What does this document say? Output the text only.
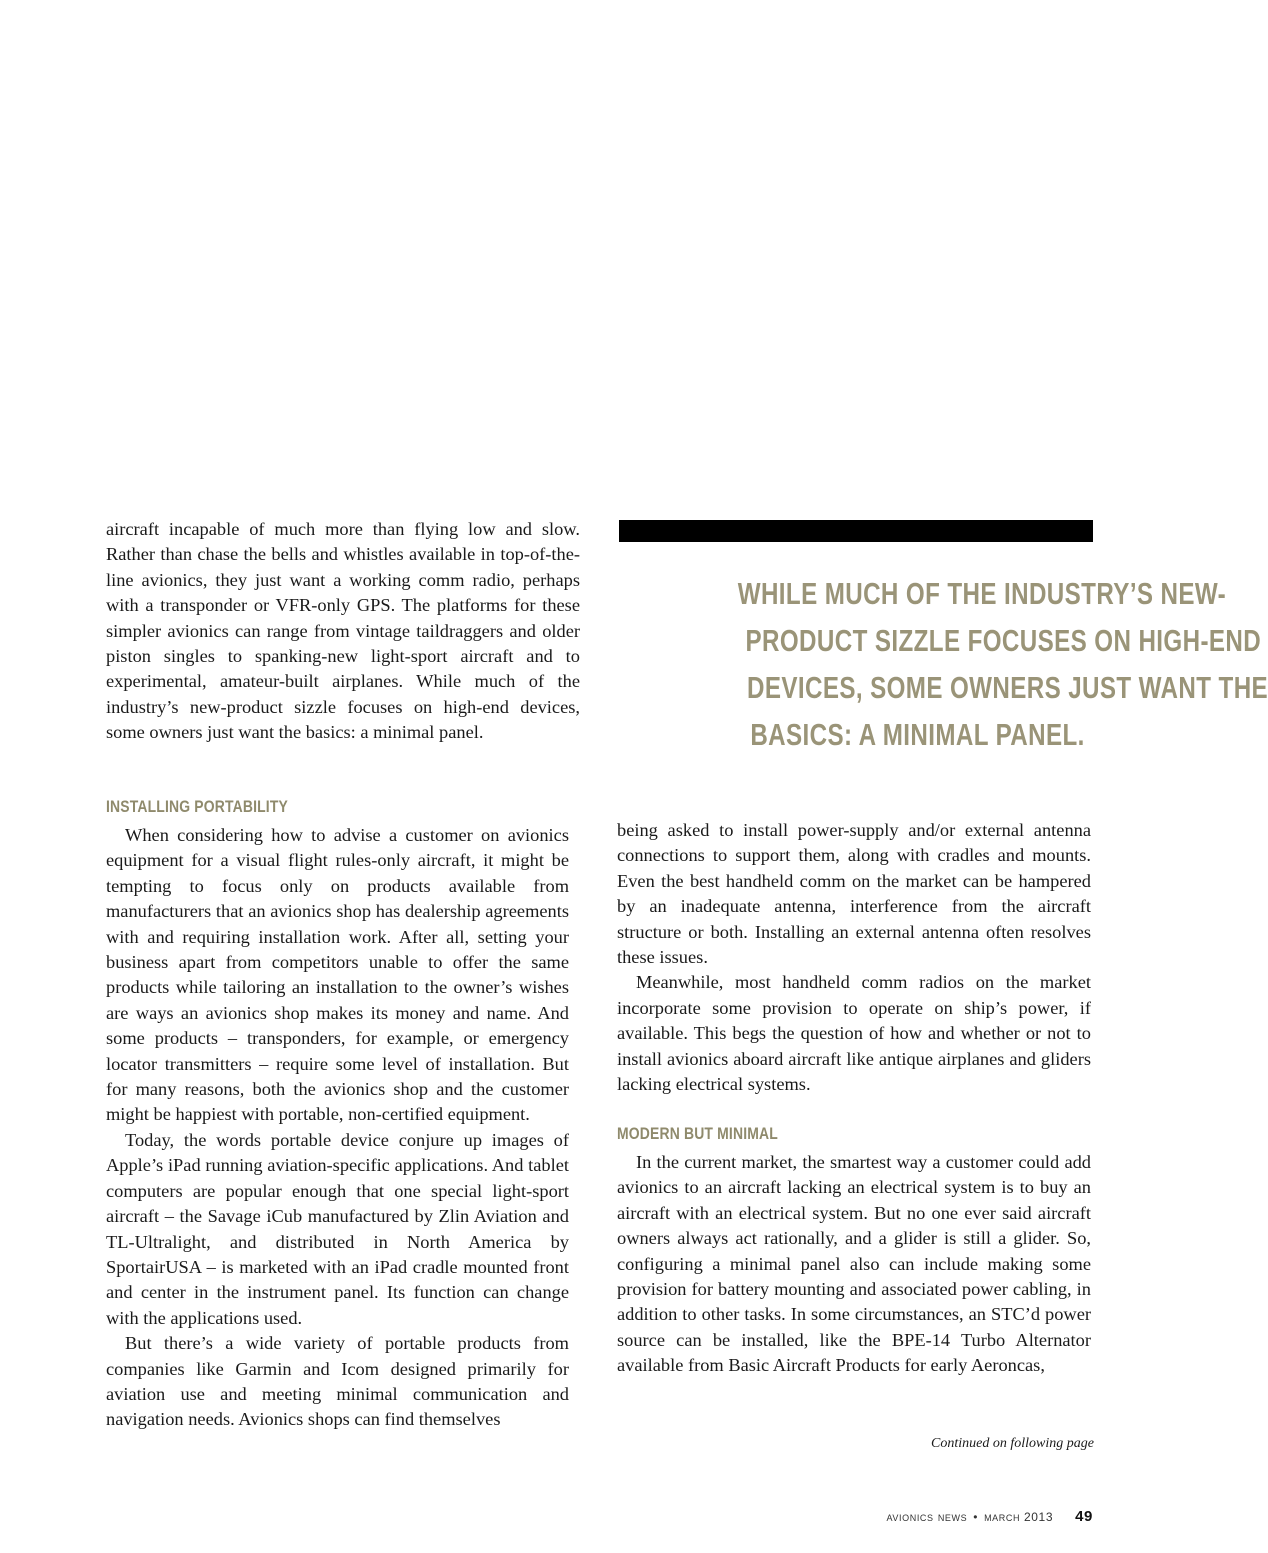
WHILE MUCH OF THE INDUSTRY’S NEW-
PRODUCT SIZZLE FOCUSES ON HIGH-END
DEVICES, SOME OWNERS JUST WANT THE
BASICS: A MINIMAL PANEL.

aircraft incapable of much more than flying low and slow. Rather than chase the bells and whistles available in top-of-the-line avionics, they just want a working comm radio, perhaps with a transponder or VFR-only GPS. The platforms for these simpler avionics can range from vintage taildraggers and older piston singles to spanking-new light-sport aircraft and to experimental, amateur-built airplanes. While much of the industry’s new-product sizzle focuses on high-end devices, some owners just want the basics: a minimal panel.

INSTALLING PORTABILITY

When considering how to advise a customer on avionics equipment for a visual flight rules-only aircraft, it might be tempting to focus only on products available from manufacturers that an avionics shop has dealership agreements with and requiring installation work. After all, setting your business apart from competitors unable to offer the same products while tailoring an installation to the owner’s wishes are ways an avionics shop makes its money and name. And some products – transponders, for example, or emergency locator transmitters – require some level of installation. But for many reasons, both the avionics shop and the customer might be happiest with portable, non-certified equipment.

Today, the words portable device conjure up images of Apple’s iPad running aviation-specific applications. And tablet computers are popular enough that one special light-sport aircraft – the Savage iCub manufactured by Zlin Aviation and TL-Ultralight, and distributed in North America by SportairUSA – is marketed with an iPad cradle mounted front and center in the instrument panel. Its function can change with the applications used.

But there’s a wide variety of portable products from companies like Garmin and Icom designed primarily for aviation use and meeting minimal communication and navigation needs. Avionics shops can find themselves

being asked to install power-supply and/or external antenna connections to support them, along with cradles and mounts. Even the best handheld comm on the market can be hampered by an inadequate antenna, interference from the aircraft structure or both. Installing an external antenna often resolves these issues.

Meanwhile, most handheld comm radios on the market incorporate some provision to operate on ship’s power, if available. This begs the question of how and whether or not to install avionics aboard aircraft like antique airplanes and gliders lacking electrical systems.

MODERN BUT MINIMAL

In the current market, the smartest way a customer could add avionics to an aircraft lacking an electrical system is to buy an aircraft with an electrical system. But no one ever said aircraft owners always act rationally, and a glider is still a glider. So, configuring a minimal panel also can include making some provision for battery mounting and associated power cabling, in addition to other tasks. In some circumstances, an STC’d power source can be installed, like the BPE-14 Turbo Alternator available from Basic Aircraft Products for early Aeroncas,

Continued on following page
avionics news • march 2013 49
